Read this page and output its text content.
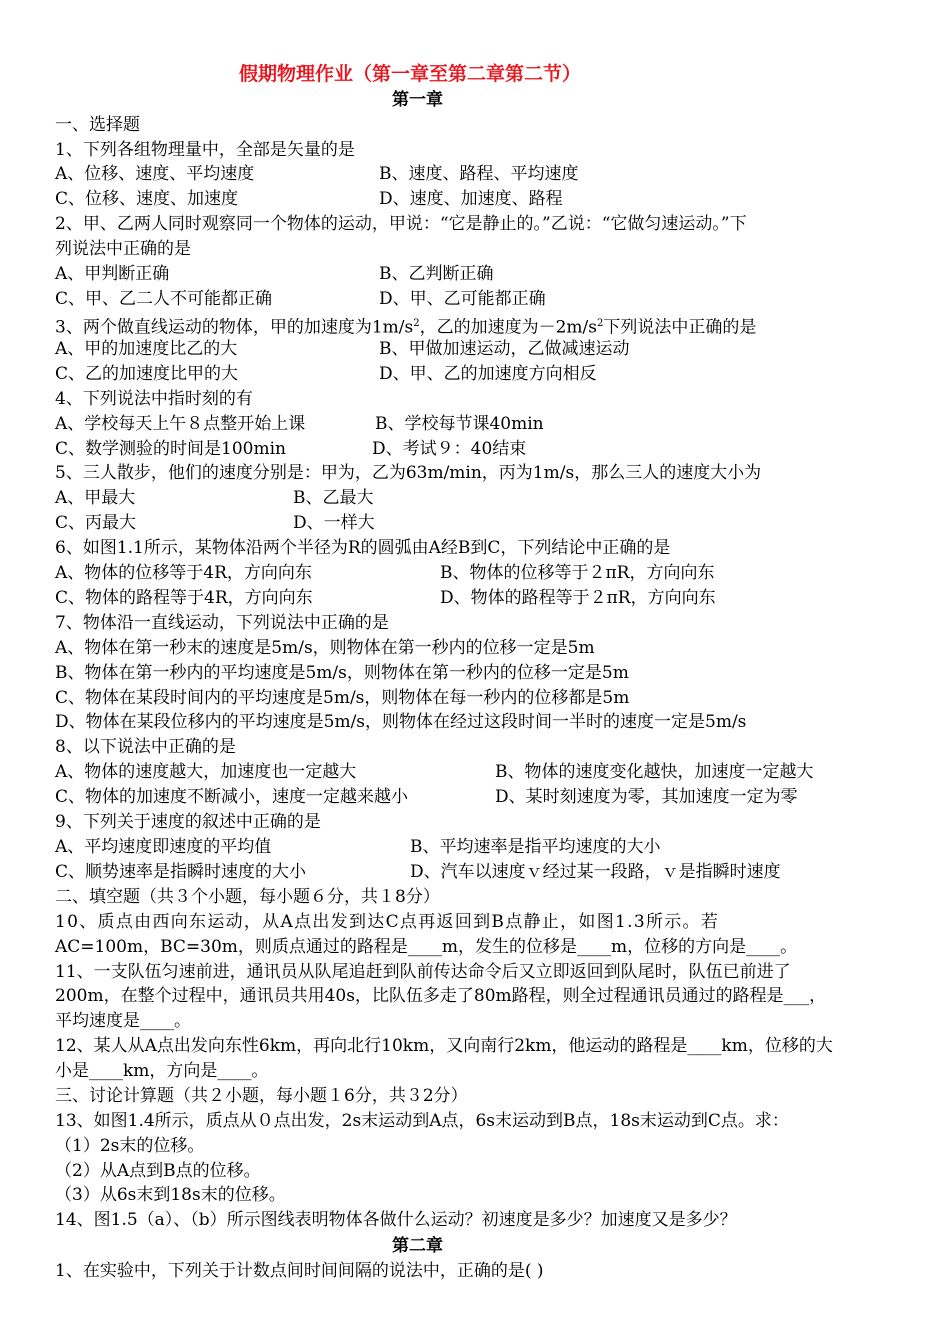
假期物理作业（第一章至第二章第二节）
第一章
一、选择题
1、下列各组物理量中，全部是矢量的是
A、位移、速度、平均速度	B、速度、路程、平均速度
C、位移、速度、加速度	D、速度、加速度、路程
2、甲、乙两人同时观察同一个物体的运动，甲说：“它是静止的。”乙说：“它做匀速运动。”下
列说法中正确的是
A、甲判断正确	B、乙判断正确
C、甲、乙二人不可能都正确	D、甲、乙可能都正确
3、两个做直线运动的物体，甲的加速度为$1m/s^2$，乙的加速度为$-2m/s^2$下列说法中正确的是
A、甲的加速度比乙的大	B、甲做加速运动，乙做减速运动
C、乙的加速度比甲的大	D、甲、乙的加速度方向相反
4、下列说法中指时刻的有
A、学校每天上午８点整开始上课	B、学校每节课40min
C、数学测验的时间是100min	D、考试９：40结束
5、三人散步，他们的速度分别是：甲为，乙为63m/min，丙为1m/s，那么三人的速度大小为
A、甲最大	B、乙最大
C、丙最大	D、一样大
6、如图1.1所示，某物体沿两个半径为R的圆弧由A经B到C，下列结论中正确的是
A、物体的位移等于4R，方向向东	B、物体的位移等于２πR，方向向东
C、物体的路程等于4R，方向向东	D、物体的路程等于２πR，方向向东
7、物体沿一直线运动，下列说法中正确的是
A、物体在第一秒末的速度是5m/s，则物体在第一秒内的位移一定是5m
B、物体在第一秒内的平均速度是5m/s，则物体在第一秒内的位移一定是5m
C、物体在某段时间内的平均速度是5m/s，则物体在每一秒内的位移都是5m
D、物体在某段位移内的平均速度是5m/s，则物体在经过这段时间一半时的速度一定是5m/s
8、以下说法中正确的是
A、物体的速度越大，加速度也一定越大	B、物体的速度变化越快，加速度一定越大
C、物体的加速度不断减小，速度一定越来越小	D、某时刻速度为零，其加速度一定为零
9、下列关于速度的叙述中正确的是
A、平均速度即速度的平均值	B、平均速率是指平均速度的大小
C、顺势速率是指瞬时速度的大小	D、汽车以速度ｖ经过某一段路，ｖ是指瞬时速度
二、填空题（共３个小题，每小题６分，共１8分）
10、质点由西向东运动，从A点出发到达C点再返回到B点静止，如图1.3所示。若
AC=100m，BC=30m，则质点通过的路程是____m，发生的位移是____m，位移的方向是____。
11、一支队伍匀速前进，通讯员从队尾追赶到队前传达命令后又立即返回到队尾时，队伍已前进了
200m，在整个过程中，通讯员共用40s，比队伍多走了80m路程，则全过程通讯员通过的路程是___，
平均速度是____。
12、某人从A点出发向东性6km，再向北行10km，又向南行2km，他运动的路程是____km，位移的大
小是____km，方向是____。
三、讨论计算题（共２小题，每小题１6分，共３2分）
13、如图1.4所示，质点从０点出发，2s末运动到A点，6s末运动到B点，18s末运动到C点。求：
（1）2s末的位移。
（2）从A点到B点的位移。
（3）从6s末到18s末的位移。
14、图1.5（a）、（b）所示图线表明物体各做什么运动？初速度是多少？加速度又是多少？
第二章
1、在实验中，下列关于计数点间时间间隔的说法中，正确的是( )
